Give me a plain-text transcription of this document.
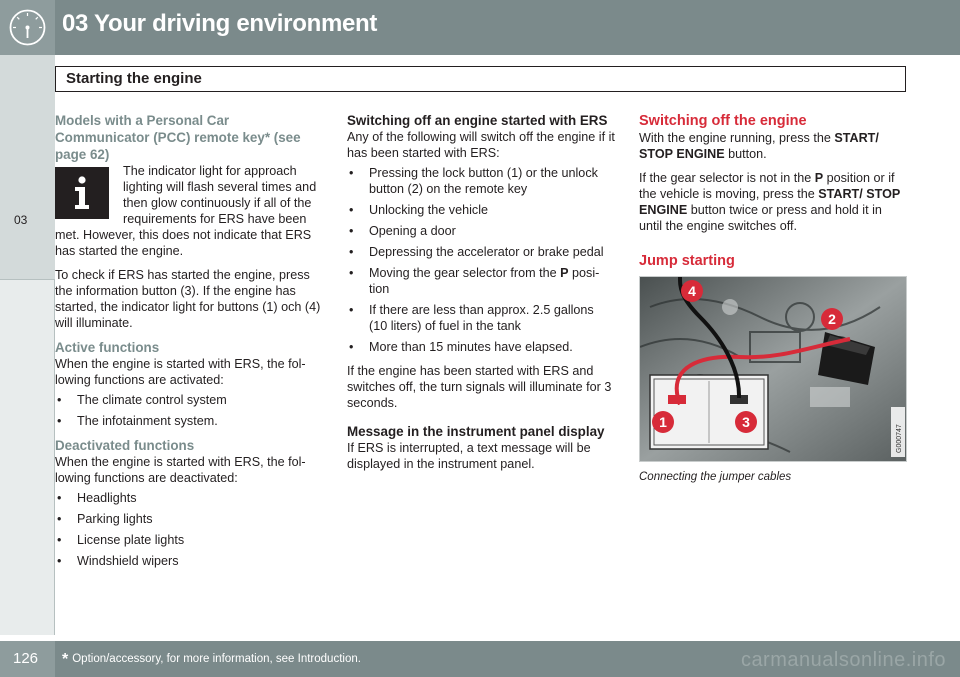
03 Your driving environment
03
Starting the engine
Models with a Personal Car Communicator (PCC) remote key* (see page 62)
The indicator light for approach lighting will flash several times and then glow continuously if all of the requirements for ERS have been met. However, this does not indicate that ERS has started the engine.

To check if ERS has started the engine, press the information button (3). If the engine has started, the indicator light for buttons (1) och (4) will illuminate.

Active functions

When the engine is started with ERS, the fol-lowing functions are activated:

• The climate control system
• The infotainment system.
Deactivated functions

When the engine is started with ERS, the fol-lowing functions are deactivated:

• Headlights
• Parking lights
• License plate lights
• Windshield wipers
Switching off an engine started with ERS

Any of the following will switch off the engine if it has been started with ERS:

• Pressing the lock button (1) or the unlock button (2) on the remote key
• Unlocking the vehicle
• Opening a door
• Depressing the accelerator or brake pedal
• Moving the gear selector from the P posi-tion
• If there are less than approx. 2.5 gallons (10 liters) of fuel in the tank
• More than 15 minutes have elapsed.

If the engine has been started with ERS and switches off, the turn signals will illuminate for 3 seconds.

Message in the instrument panel display

If ERS is interrupted, a text message will be displayed in the instrument panel.

Switching off the engine

With the engine running, press the START/ STOP ENGINE button.

If the gear selector is not in the P position or if the vehicle is moving, press the START/ STOP ENGINE button twice or press and hold it in until the engine switches off.

Jump starting
+	−
4
2
1	3
G000747
Connecting the jumper cables
126 * Option/accessory, for more information, see Introduction.	carmanualsonline.info
